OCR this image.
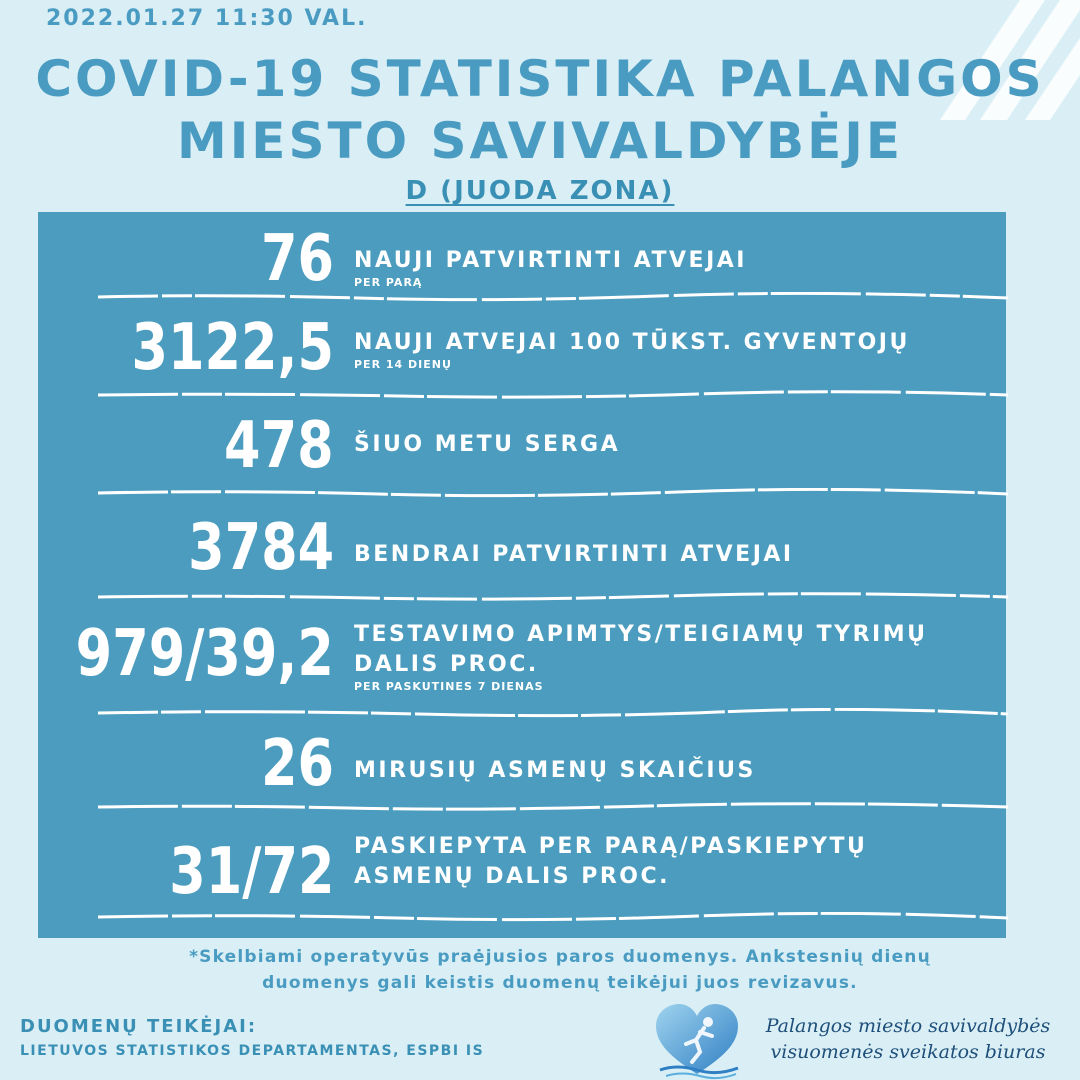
2022.01.27 11:30 VAL.
COVID-19 STATISTIKA PALANGOS
MIESTO SAVIVALDYBĖJE
D (JUODA ZONA)
76 NAUJI PATVIRTINTI ATVEJAI
PER PARĄ
3122,5 NAUJI ATVEJAI 100 TŪKST. GYVENTOJŲ
PER 14 DIENŲ
478 ŠIUO METU SERGA
3784 BENDRAI PATVIRTINTI ATVEJAI
979/39,2 TESTAVIMO APIMTYS/TEIGIAMŲ TYRIMŲ
DALIS PROC.
PER PASKUTINES 7 DIENAS
26 MIRUSIŲ ASMENŲ SKAIČIUS
31/72 PASKIEPYTA PER PARĄ/PASKIEPYTŲ
ASMENŲ DALIS PROC.
*Skelbiami operatyvūs praėjusios paros duomenys. Ankstesnių dienų
duomenys gali keistis duomenų teikėjui juos revizavus.
DUOMENŲ TEIKĖJAI:
LIETUVOS STATISTIKOS DEPARTAMENTAS, ESPBI IS
Palangos miesto savivaldybės
visuomenės sveikatos biuras
